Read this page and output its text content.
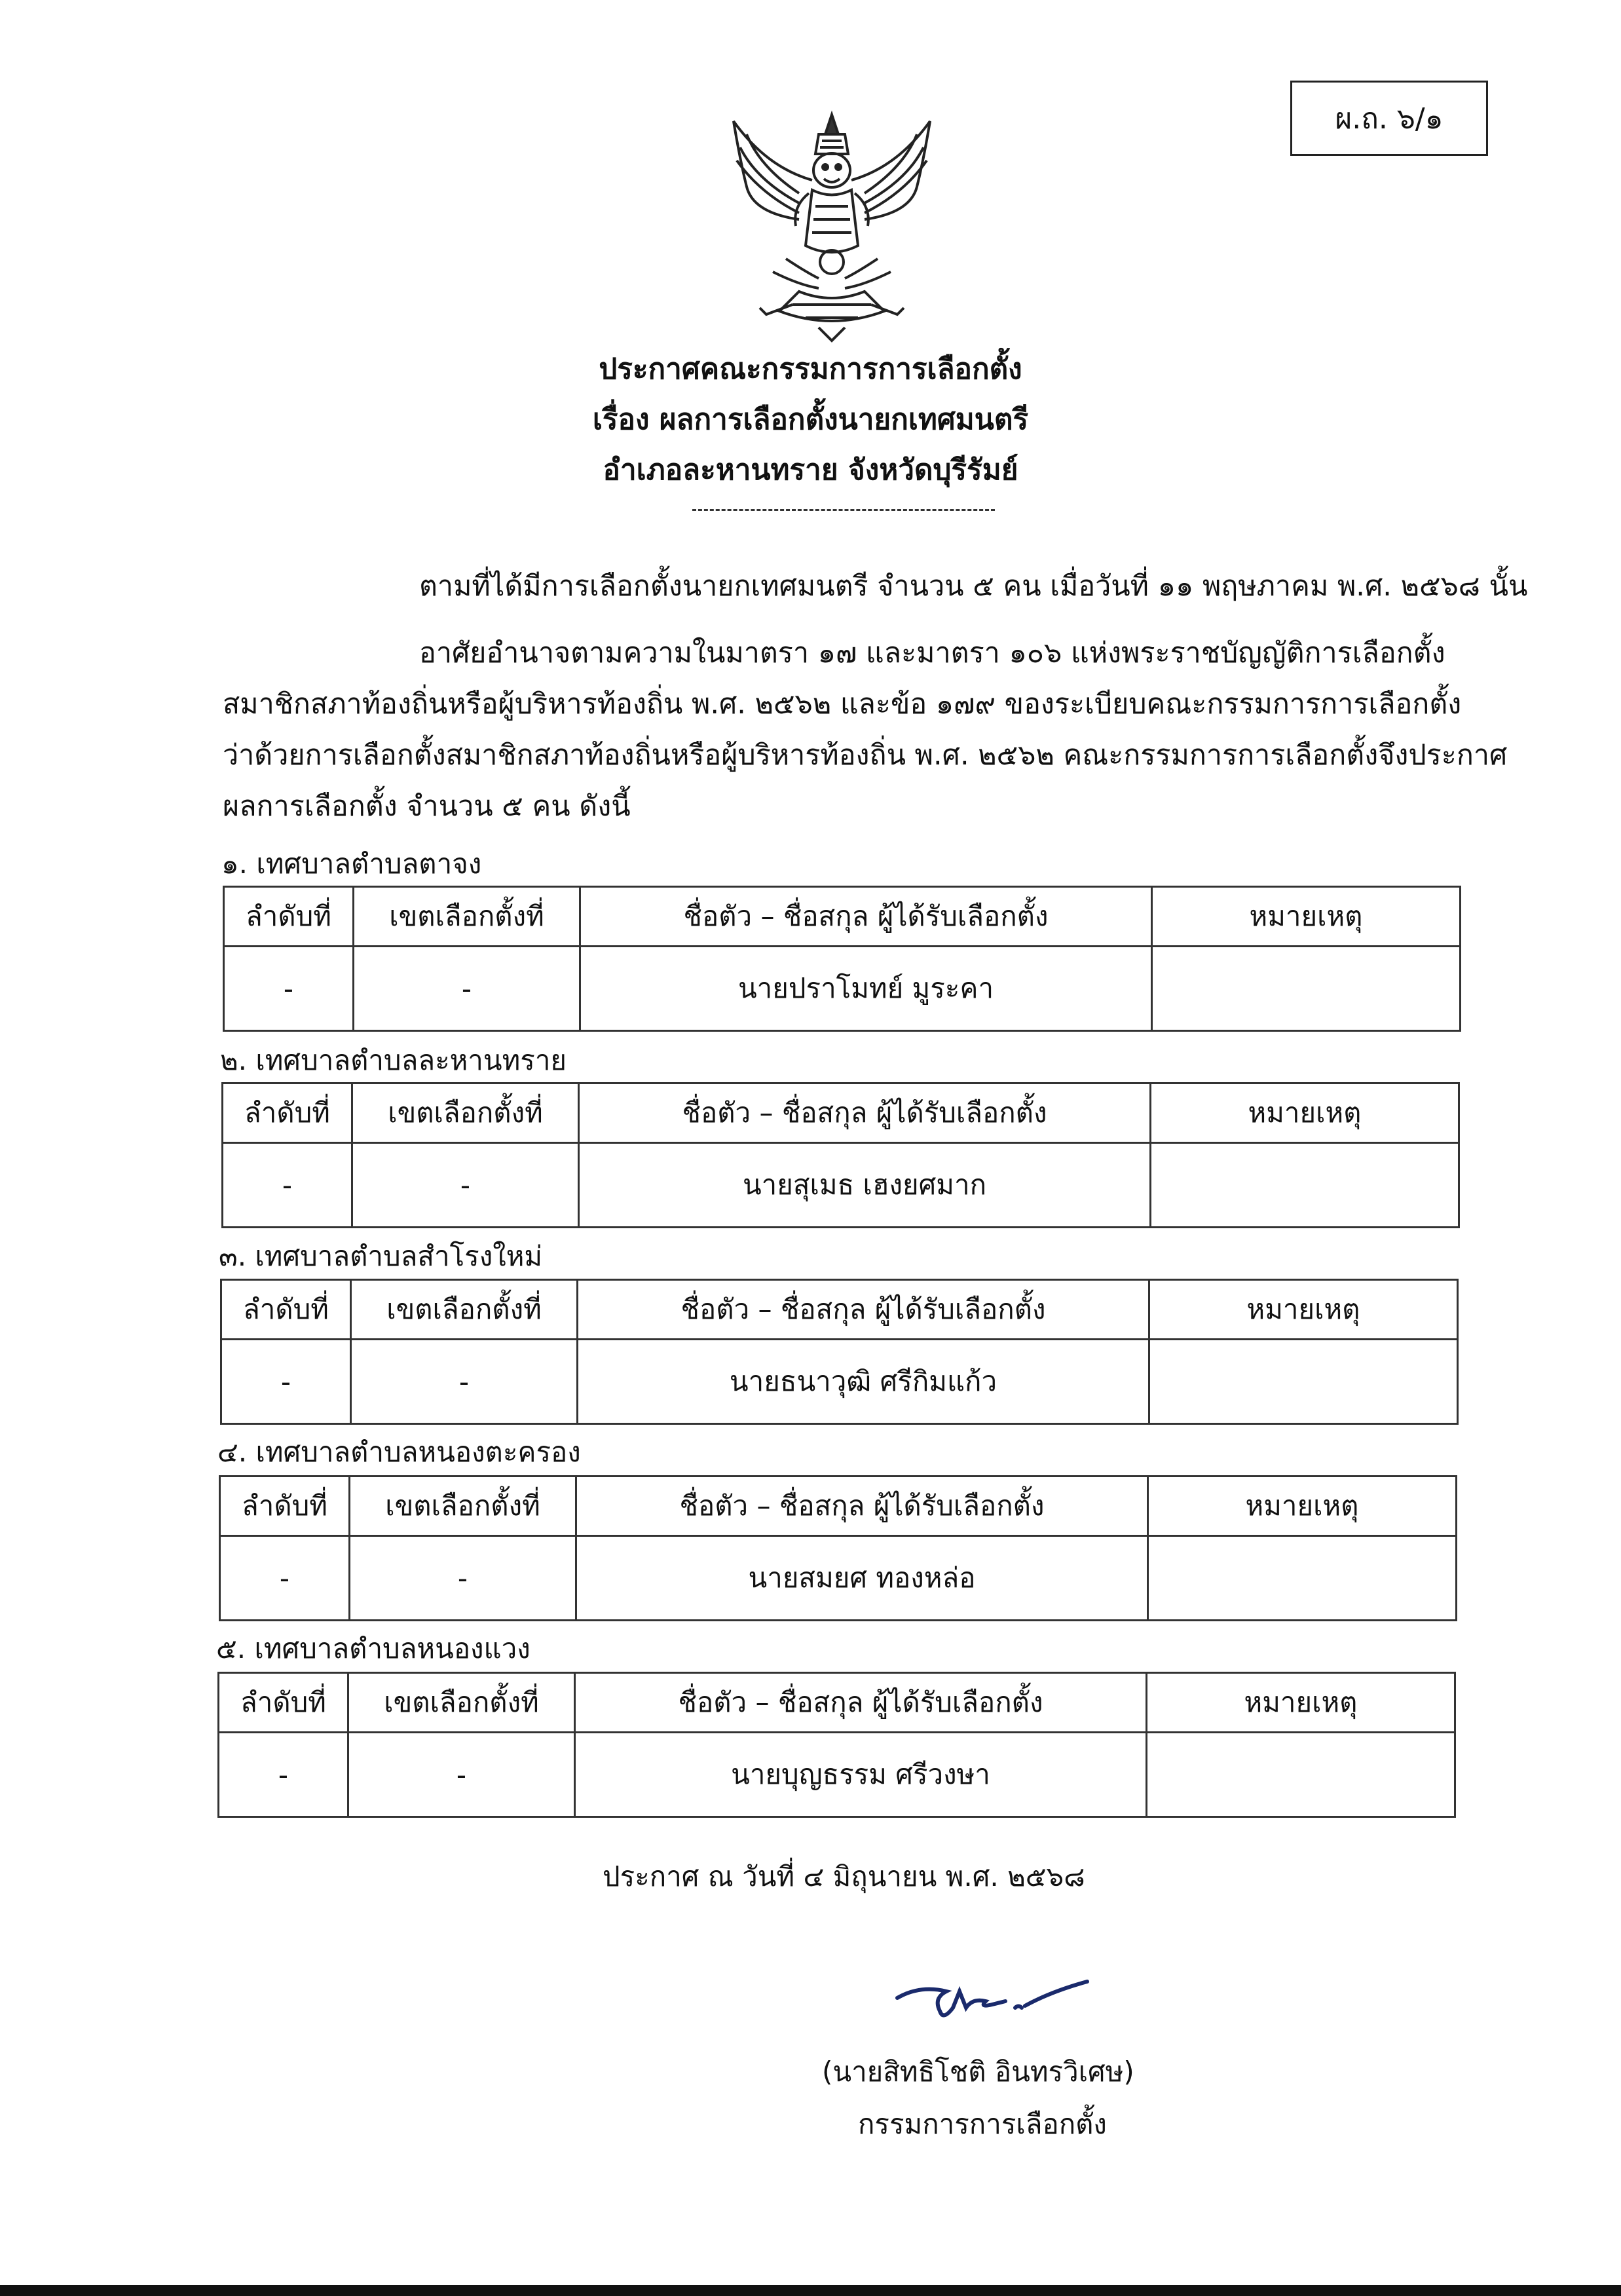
ผ.ถ. ๖/๑
ประกาศคณะกรรมการการเลือกตั้ง
เรื่อง ผลการเลือกตั้งนายกเทศมนตรี
อำเภอละหานทราย จังหวัดบุรีรัมย์
ตามที่ได้มีการเลือกตั้งนายกเทศมนตรี จำนวน ๕ คน เมื่อวันที่ ๑๑ พฤษภาคม พ.ศ. ๒๕๖๘ นั้น
อาศัยอำนาจตามความในมาตรา ๑๗ และมาตรา ๑๐๖ แห่งพระราชบัญญัติการเลือกตั้ง
สมาชิกสภาท้องถิ่นหรือผู้บริหารท้องถิ่น พ.ศ. ๒๕๖๒ และข้อ ๑๗๙ ของระเบียบคณะกรรมการการเลือกตั้ง
ว่าด้วยการเลือกตั้งสมาชิกสภาท้องถิ่นหรือผู้บริหารท้องถิ่น พ.ศ. ๒๕๖๒ คณะกรรมการการเลือกตั้งจึงประกาศ
ผลการเลือกตั้ง จำนวน ๕ คน ดังนี้
๑. เทศบาลตำบลตาจง
ลำดับที่	เขตเลือกตั้งที่	ชื่อตัว – ชื่อสกุล ผู้ได้รับเลือกตั้ง	หมายเหตุ
-	-	นายปราโมทย์ มูระคา	
๒. เทศบาลตำบลละหานทราย
ลำดับที่	เขตเลือกตั้งที่	ชื่อตัว – ชื่อสกุล ผู้ได้รับเลือกตั้ง	หมายเหตุ
-	-	นายสุเมธ เฮงยศมาก	
๓. เทศบาลตำบลสำโรงใหม่
ลำดับที่	เขตเลือกตั้งที่	ชื่อตัว – ชื่อสกุล ผู้ได้รับเลือกตั้ง	หมายเหตุ
-	-	นายธนาวุฒิ ศรีกิมแก้ว	
๔. เทศบาลตำบลหนองตะครอง
ลำดับที่	เขตเลือกตั้งที่	ชื่อตัว – ชื่อสกุล ผู้ได้รับเลือกตั้ง	หมายเหตุ
-	-	นายสมยศ ทองหล่อ	
๕. เทศบาลตำบลหนองแวง
ลำดับที่	เขตเลือกตั้งที่	ชื่อตัว – ชื่อสกุล ผู้ได้รับเลือกตั้ง	หมายเหตุ
-	-	นายบุญธรรม ศรีวงษา	
ประกาศ ณ วันที่ ๔ มิถุนายน พ.ศ. ๒๕๖๘
(นายสิทธิโชติ อินทรวิเศษ)
กรรมการการเลือกตั้ง
